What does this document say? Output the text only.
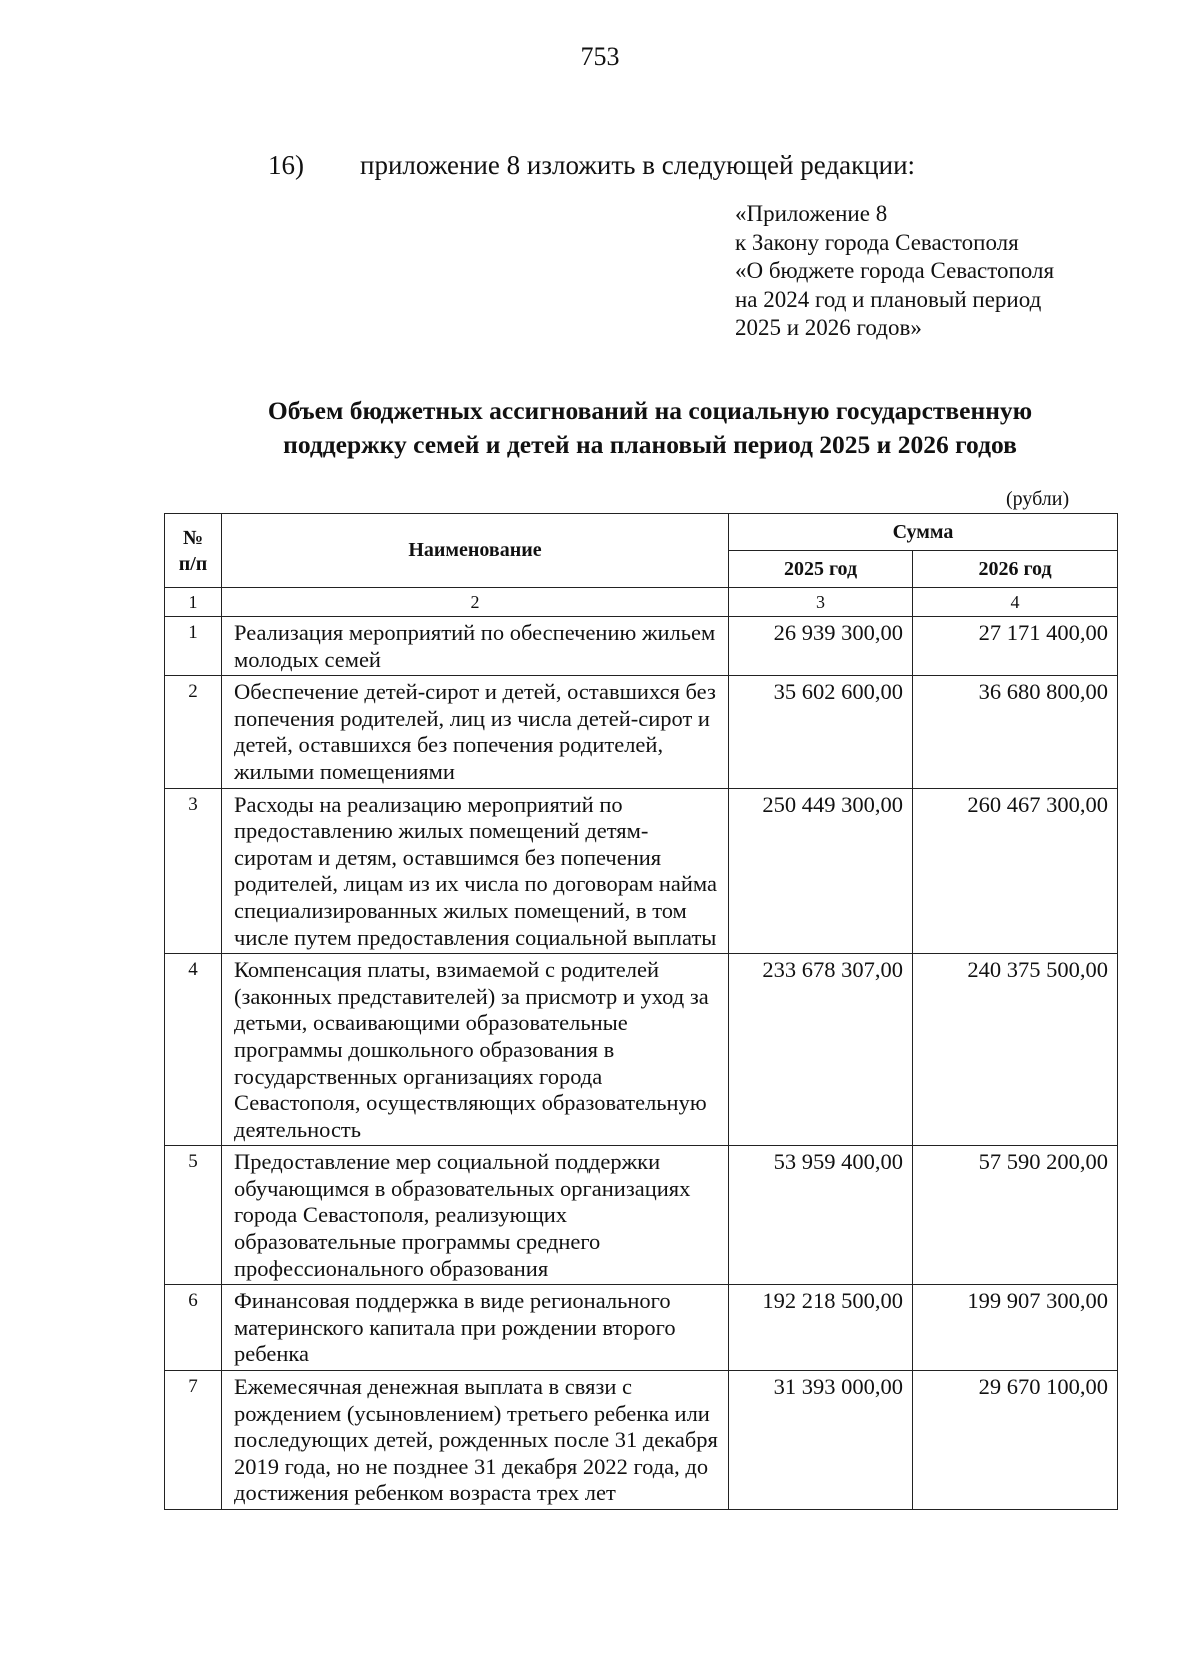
753
16)	приложение 8 изложить в следующей редакции:
«Приложение 8
к Закону города Севастополя
«О бюджете города Севастополя
на 2024 год и плановый период
2025 и 2026 годов»
Объем бюджетных ассигнований на социальную государственную
поддержку семей и детей на плановый период 2025 и 2026 годов
(рубли)
№
п/п	Наименование	Сумма	
		2025 год	2026 год
1	2	3	4
1	Реализация мероприятий по обеспечению жильем молодых семей	26 939 300,00	27 171 400,00
2	Обеспечение детей-сирот и детей, оставшихся без попечения родителей, лиц из числа детей-сирот и детей, оставшихся без попечения родителей, жилыми помещениями	35 602 600,00	36 680 800,00
3	Расходы на реализацию мероприятий по предоставлению жилых помещений детям-сиротам и детям, оставшимся без попечения родителей, лицам из их числа по договорам найма специализированных жилых помещений, в том числе путем предоставления социальной выплаты	250 449 300,00	260 467 300,00
4	Компенсация платы, взимаемой с родителей (законных представителей) за присмотр и уход за детьми, осваивающими образовательные программы дошкольного образования в государственных организациях города Севастополя, осуществляющих образовательную деятельность	233 678 307,00	240 375 500,00
5	Предоставление мер социальной поддержки обучающимся в образовательных организациях города Севастополя, реализующих образовательные программы среднего профессионального образования	53 959 400,00	57 590 200,00
6	Финансовая поддержка в виде регионального материнского капитала при рождении второго ребенка	192 218 500,00	199 907 300,00
7	Ежемесячная денежная выплата в связи с рождением (усыновлением) третьего ребенка или последующих детей, рожденных после 31 декабря 2019 года, но не позднее 31 декабря 2022 года, до достижения ребенком возраста трех лет	31 393 000,00	29 670 100,00
